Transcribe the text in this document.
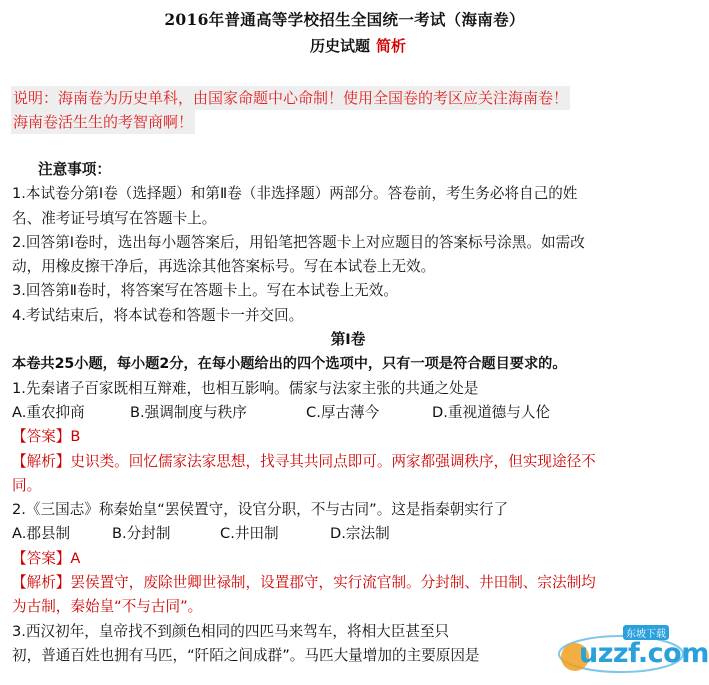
2016年普通高等学校招生全国统一考试（海南卷）
历史试题 简析
说明：海南卷为历史单科，由国家命题中心命制！使用全国卷的考区应关注海南卷！
海南卷活生生的考智商啊！
注意事项：
1.本试卷分第Ⅰ卷（选择题）和第Ⅱ卷（非选择题）两部分。答卷前，考生务必将自己的姓
名、准考证号填写在答题卡上。
2.回答第Ⅰ卷时，选出每小题答案后，用铅笔把答题卡上对应题目的答案标号涂黑。如需改
动，用橡皮擦干净后，再选涂其他答案标号。写在本试卷上无效。
3.回答第Ⅱ卷时，将答案写在答题卡上。写在本试卷上无效。
4.考试结束后，将本试卷和答题卡一并交回。
第Ⅰ卷
本卷共25小题，每小题2分，在每小题给出的四个选项中，只有一项是符合题目要求的。
1.先秦诸子百家既相互辩难，也相互影响。儒家与法家主张的共通之处是
A.重农抑商	B.强调制度与秩序	C.厚古薄今	D.重视道德与人伦
【答案】B
【解析】史识类。回忆儒家法家思想，找寻其共同点即可。两家都强调秩序，但实现途径不
同。
2.《三国志》称秦始皇“罢侯置守，设官分职，不与古同”。这是指秦朝实行了
A.郡县制	B.分封制	C.井田制	D.宗法制
【答案】A
【解析】罢侯置守，废除世卿世禄制，设置郡守，实行流官制。分封制、井田制、宗法制均
为古制，秦始皇“不与古同”。
3.西汉初年，皇帝找不到颜色相同的四匹马来驾车，将相大臣甚至只
初，普通百姓也拥有马匹，“阡陌之间成群”。马匹大量增加的主要原因是
东坡下载
uzzf.com
